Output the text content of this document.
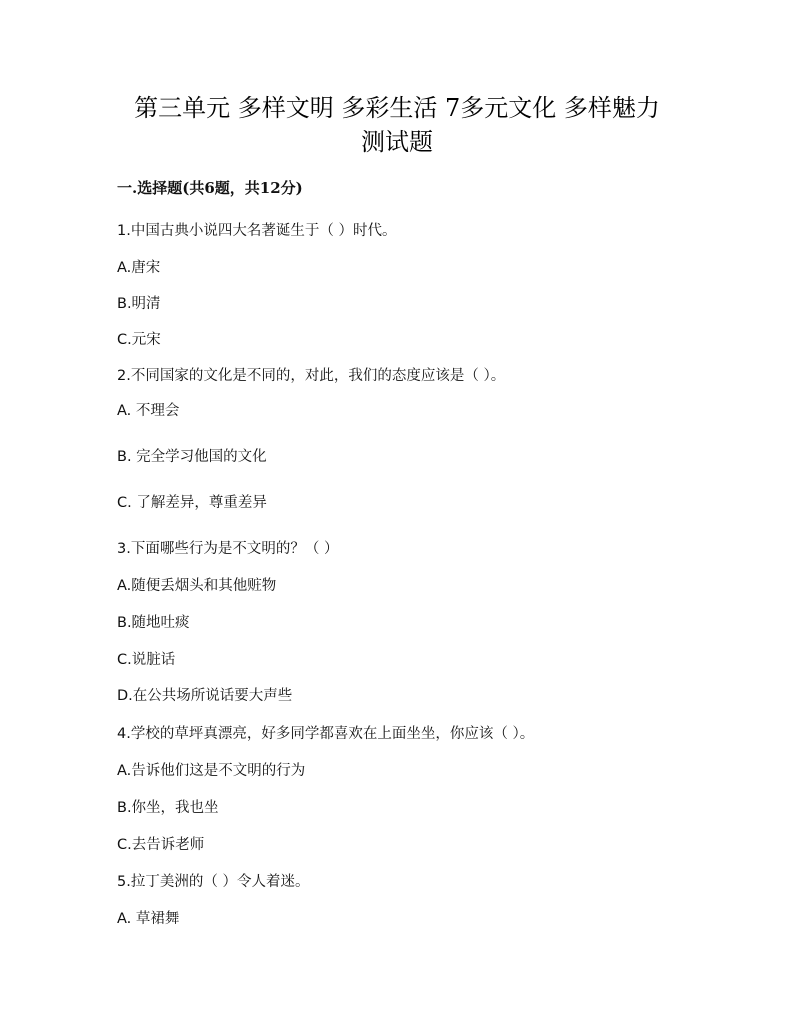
第三单元 多样文明 多彩生活 7多元文化 多样魅力
测试题
一.选择题(共6题，共12分)
1.中国古典小说四大名著诞生于（ ）时代。
A.唐宋
B.明清
C.元宋
2.不同国家的文化是不同的，对此，我们的态度应该是（ ）。
A. 不理会
B. 完全学习他国的文化
C. 了解差异，尊重差异
3.下面哪些行为是不文明的？（ ）
A.随便丢烟头和其他赃物
B.随地吐痰
C.说脏话
D.在公共场所说话要大声些
4.学校的草坪真漂亮，好多同学都喜欢在上面坐坐，你应该（ ）。
A.告诉他们这是不文明的行为
B.你坐，我也坐
C.去告诉老师
5.拉丁美洲的（ ）令人着迷。
A. 草裙舞
